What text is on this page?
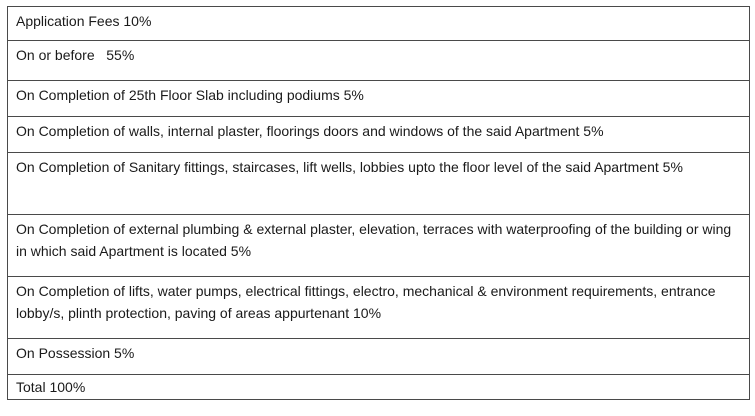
Application Fees 10%
On or before   55%
On Completion of 25th Floor Slab including podiums 5%
On Completion of walls, internal plaster, floorings doors and windows of the said Apartment 5%
On Completion of Sanitary fittings, staircases, lift wells, lobbies upto the floor level of the said Apartment 5%
On Completion of external plumbing & external plaster, elevation, terraces with waterproofing of the building or wing in which said Apartment is located 5%
On Completion of lifts, water pumps, electrical fittings, electro, mechanical & environment requirements, entrance lobby/s, plinth protection, paving of areas appurtenant 10%
On Possession 5%
Total 100%
